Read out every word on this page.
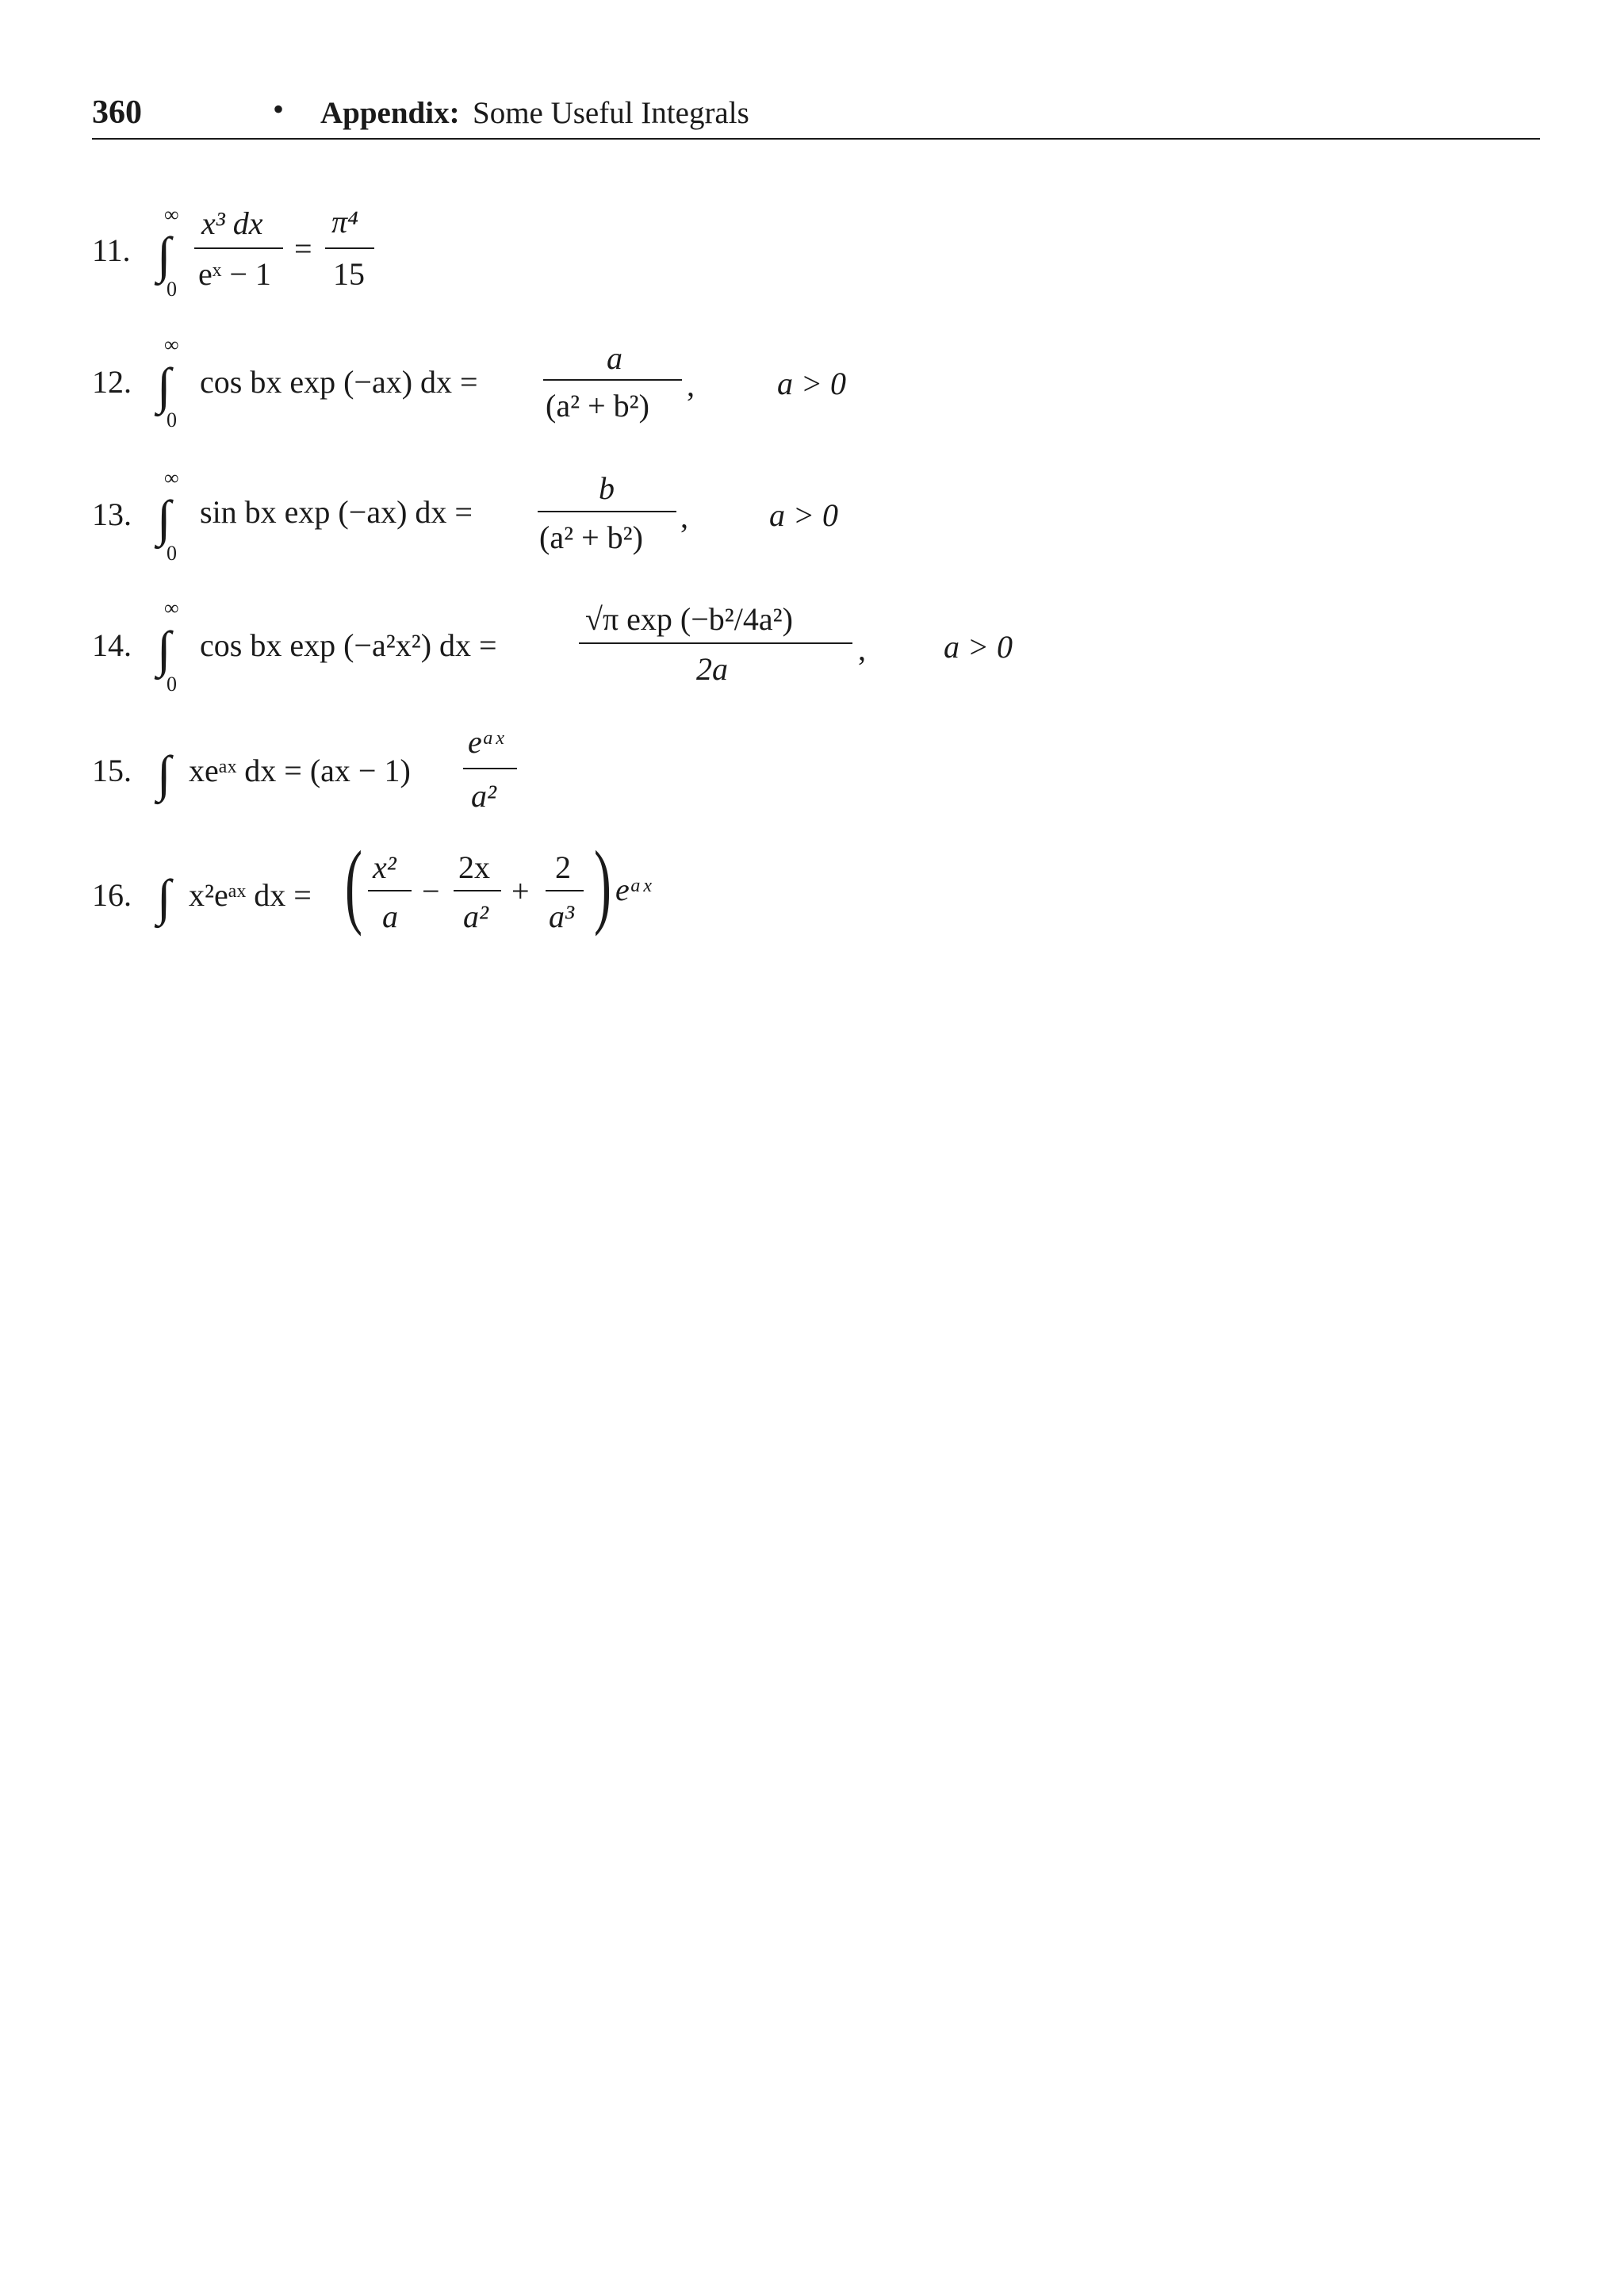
360	• Appendix: Some Useful Integrals
11.
∞
∫
0
x³ dx
eˣ − 1
=
π⁴
15
12.
∞
∫
0
cos bx exp (−ax) dx =
a
(a² + b²)
,	a > 0
13.
∞
∫
0
sin bx exp (−ax) dx =
b
(a² + b²)
,	a > 0
14.
∞
∫
0
cos bx exp (−a²x²) dx =
√π exp (−b²/4a²)
2a
, a > 0
15. ∫ xeᵃˣ dx = (ax − 1)
eᵃˣ
a²
16. ∫ x²eᵃˣ dx = ( x²
a
−
2x
a²
+
2
a³ ) eᵃˣ
